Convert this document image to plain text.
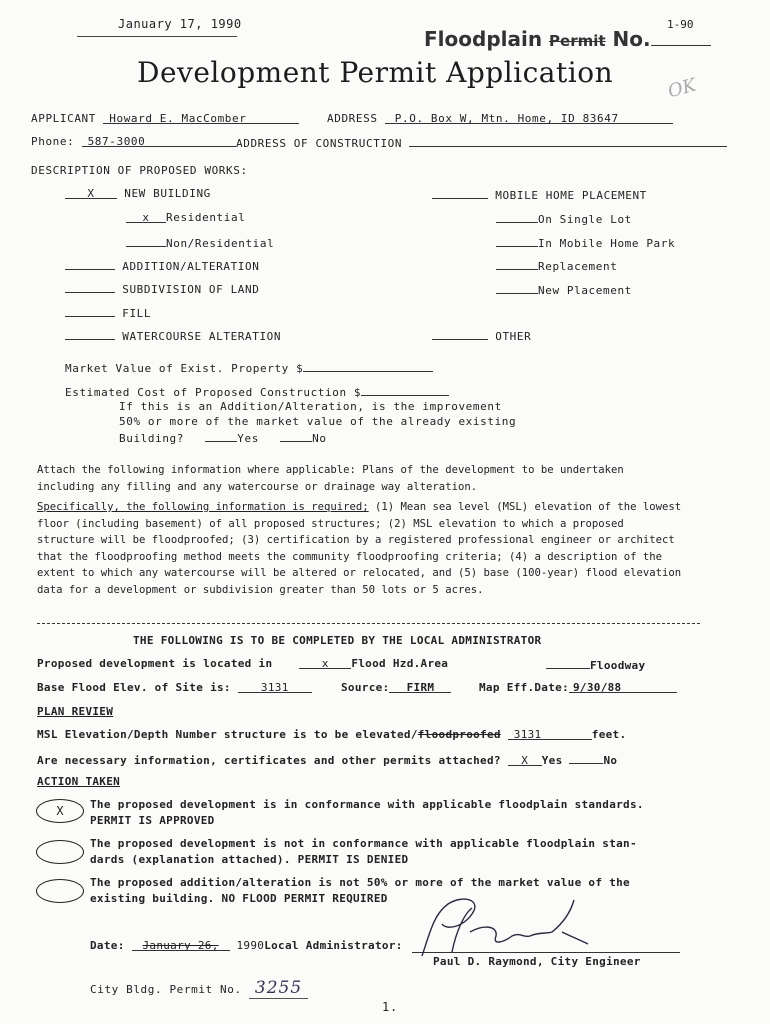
January 17, 1990	1-90
Floodplain Permit No.
Development Permit Application	OK
APPLICANT Howard E. MacComber	ADDRESS P.O. Box W, Mtn. Home, ID 83647
Phone: 587-3000	ADDRESS OF CONSTRUCTION
DESCRIPTION OF PROPOSED WORKS:
X	NEW BUILDING
x Residential
Non/Residential
ADDITION/ALTERATION
SUBDIVISION OF LAND
FILL
WATERCOURSE ALTERATION
MOBILE HOME PLACEMENT
On Single Lot
In Mobile Home Park
Replacement
New Placement
OTHER
Market Value of Exist. Property $
Estimated Cost of Proposed Construction $
If this is an Addition/Alteration, is the improvement
50% or more of the market value of the already existing
Building?	Yes	No
Attach the following information where applicable: Plans of the development to be undertaken including any filling and any watercourse or drainage way alteration.
Specifically, the following information is required; (1) Mean sea level (MSL) elevation of the lowest floor (including basement) of all proposed structures; (2) MSL elevation to which a proposed structure will be floodproofed; (3) certification by a registered professional engineer or architect that the floodproofing method meets the community floodproofing criteria; (4) a description of the extent to which any watercourse will be altered or relocated, and (5) base (100-year) flood elevation data for a development or subdivision greater than 50 lots or 5 acres.
THE FOLLOWING IS TO BE COMPLETED BY THE LOCAL ADMINISTRATOR
Proposed development is located in	x Flood Hzd.Area	Floodway
Base Flood Elev. of Site is:	3131	Source: FIRM	Map Eff.Date: 9/30/88
PLAN REVIEW
MSL Elevation/Depth Number structure is to be elevated/floodproofed 3131	feet.
Are necessary information, certificates and other permits attached? X Yes	No
ACTION TAKEN
X	The proposed development is in conformance with applicable floodplain standards.
PERMIT IS APPROVED
The proposed development is not in conformance with applicable floodplain stan-
dards (explanation attached). PERMIT IS DENIED
The proposed addition/alteration is not 50% or more of the market value of the
existing building. NO FLOOD PERMIT REQUIRED
Date: January 26, 1990Local Administrator:
Paul D. Raymond, City Engineer
City Bldg. Permit No. 3255
1.
